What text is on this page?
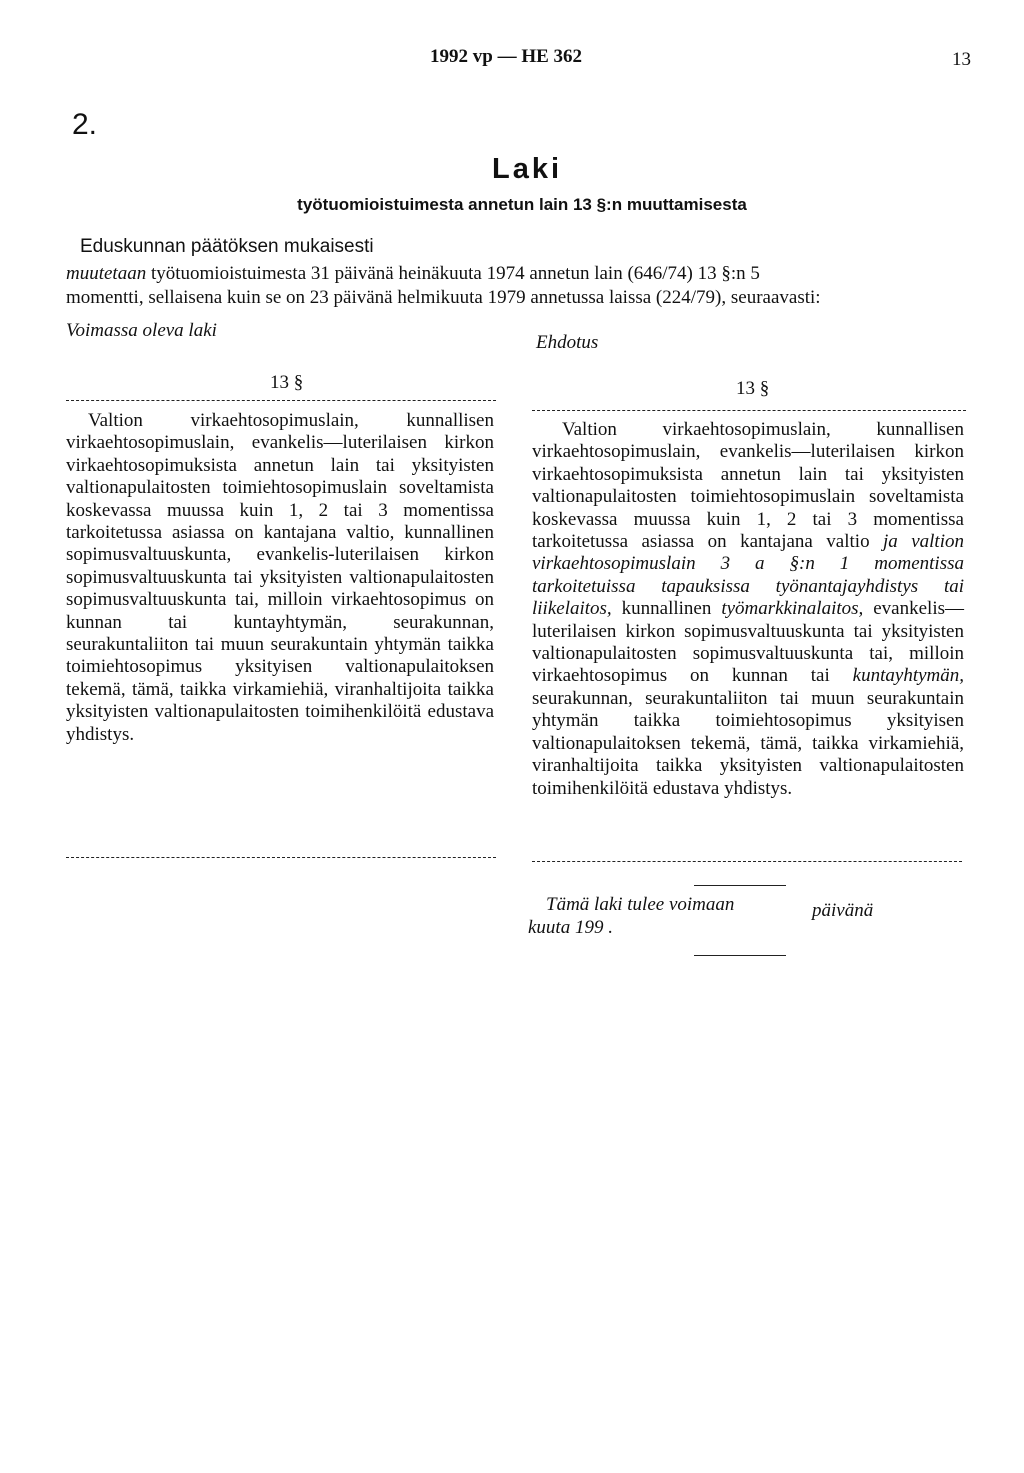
1992 vp — HE 362	13
2.
Laki
työtuomioistuimesta annetun lain 13 §:n muuttamisesta
Eduskunnan päätöksen mukaisesti
muutetaan työtuomioistuimesta 31 päivänä heinäkuuta 1974 annetun lain (646/74) 13 §:n 5
momentti, sellaisena kuin se on 23 päivänä helmikuuta 1979 annetussa laissa (224/79), seuraavasti:
Voimassa oleva laki
13 §
Valtion virkaehtosopimuslain, kunnallisen virkaehtosopimuslain, evankelis—luterilaisen kirkon virkaehtosopimuksista annetun lain tai yksityisten valtionapulaitosten toimiehtosopimuslain soveltamista koskevassa muussa kuin 1, 2 tai 3 momentissa tarkoitetussa asiassa on kantajana valtio, kunnallinen sopimusvaltuuskunta, evankelis-luterilaisen kirkon sopimusvaltuuskunta tai yksityisten valtionapulaitosten sopimusvaltuuskunta tai, milloin virkaehtosopimus on kunnan tai kuntayhtymän, seurakunnan, seurakuntaliiton tai muun seurakuntain yhtymän taikka toimiehtosopimus yksityisen valtionapulaitoksen tekemä, tämä, taikka virkamiehiä, viranhaltijoita taikka yksityisten valtionapulaitosten toimihenkilöitä edustava yhdistys.
Ehdotus
13 §
Valtion virkaehtosopimuslain, kunnallisen virkaehtosopimuslain, evankelis—luterilaisen kirkon virkaehtosopimuksista annetun lain tai yksityisten valtionapulaitosten toimiehtosopimuslain soveltamista koskevassa muussa kuin 1, 2 tai 3 momentissa tarkoitetussa asiassa on kantajana valtio ja valtion virkaehtosopimuslain 3 a §:n 1 momentissa tarkoitetuissa tapauksissa työnantajayhdistys tai liikelaitos, kunnallinen työmarkkinalaitos, evankelis—luterilaisen kirkon sopimusvaltuuskunta tai yksityisten valtionapulaitosten sopimusvaltuuskunta tai, milloin virkaehtosopimus on kunnan tai kuntayhtymän, seurakunnan, seurakuntaliiton tai muun seurakuntain yhtymän taikka toimiehtosopimus yksityisen valtionapulaitoksen tekemä, tämä, taikka virkamiehiä, viranhaltijoita taikka yksityisten valtionapulaitosten toimihenkilöitä edustava yhdistys.
Tämä laki tulee voimaan	päivänä
kuuta 199 .
